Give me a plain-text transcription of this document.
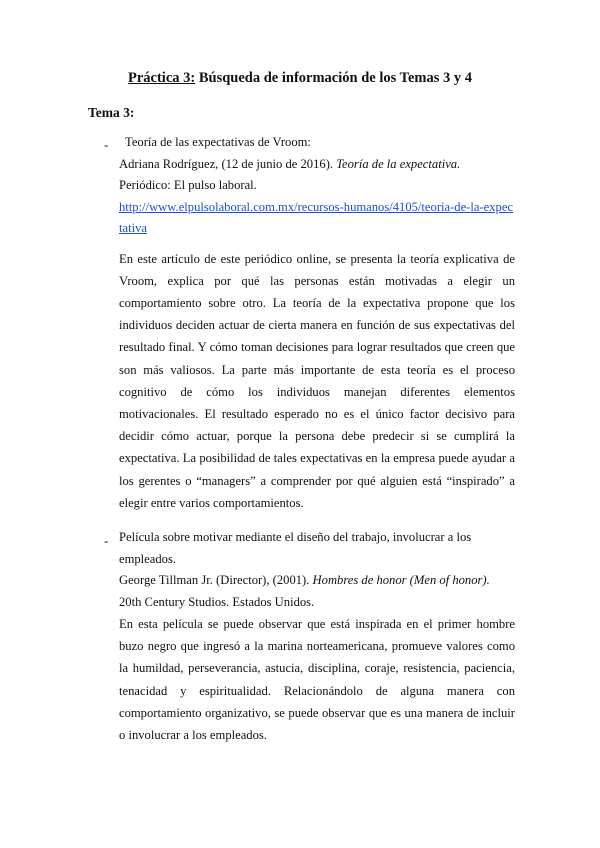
Práctica 3: Búsqueda de información de los Temas 3 y 4
Tema 3:
- Teoría de las expectativas de Vroom:

Adriana Rodríguez, (12 de junio de 2016). Teoría de la expectativa.

Periódico: El pulso laboral.

http://www.elpulsolaboral.com.mx/recursos-humanos/4105/teoria-de-la-expectativa

En este artículo de este periódico online, se presenta la teoría explicativa de Vroom, explica por qué las personas están motivadas a elegir un comportamiento sobre otro. La teoría de la expectativa propone que los individuos deciden actuar de cierta manera en función de sus expectativas del resultado final. Y cómo toman decisiones para lograr resultados que creen que son más valiosos. La parte más importante de esta teoría es el proceso cognitivo de cómo los individuos manejan diferentes elementos motivacionales. El resultado esperado no es el único factor decisivo para decidir cómo actuar, porque la persona debe predecir si se cumplirá la expectativa. La posibilidad de tales expectativas en la empresa puede ayudar a los gerentes o “managers” a comprender por qué alguien está “inspirado” a elegir entre varios comportamientos.

- Película sobre motivar mediante el diseño del trabajo, involucrar a los empleados.

George Tillman Jr. (Director), (2001). Hombres de honor (Men of honor). 20th Century Studios. Estados Unidos.

En esta película se puede observar que está inspirada en el primer hombre buzo negro que ingresó a la marina norteamericana, promueve valores como la humildad, perseverancia, astucia, disciplina, coraje, resistencia, paciencia, tenacidad y espiritualidad. Relacionándolo de alguna manera con comportamiento organizativo, se puede observar que es una manera de incluir o involucrar a los empleados.
